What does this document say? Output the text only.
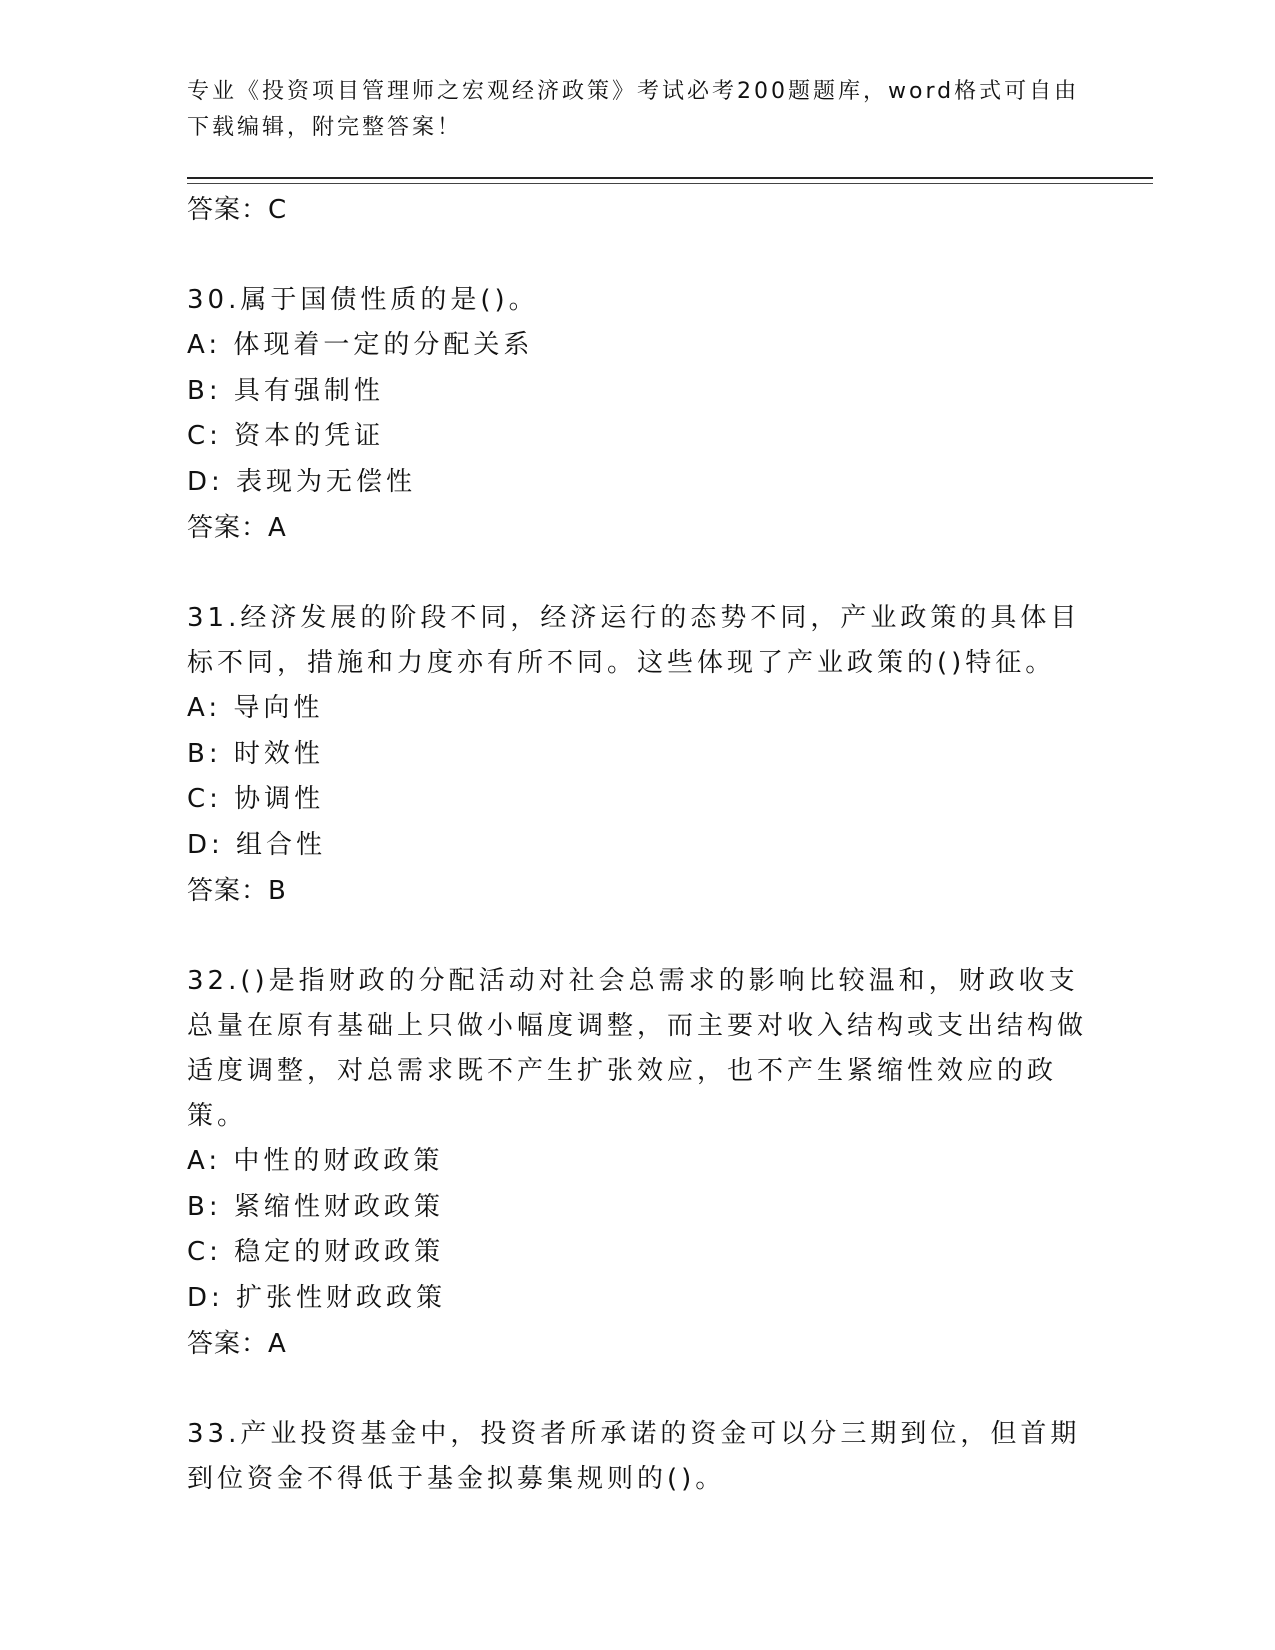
专业《投资项目管理师之宏观经济政策》考试必考200题题库，word格式可自由下载编辑，附完整答案！

答案：C

30.属于国债性质的是()。

A: 体现着一定的分配关系

B: 具有强制性

C: 资本的凭证

D: 表现为无偿性

答案：A

31.经济发展的阶段不同，经济运行的态势不同，产业政策的具体目标不同，措施和力度亦有所不同。这些体现了产业政策的()特征。

A: 导向性

B: 时效性

C: 协调性

D: 组合性

答案：B

32.()是指财政的分配活动对社会总需求的影响比较温和，财政收支总量在原有基础上只做小幅度调整，而主要对收入结构或支出结构做适度调整，对总需求既不产生扩张效应，也不产生紧缩性效应的政策。

A: 中性的财政政策

B: 紧缩性财政政策

C: 稳定的财政政策

D: 扩张性财政政策

答案：A

33.产业投资基金中，投资者所承诺的资金可以分三期到位，但首期到位资金不得低于基金拟募集规则的()。
